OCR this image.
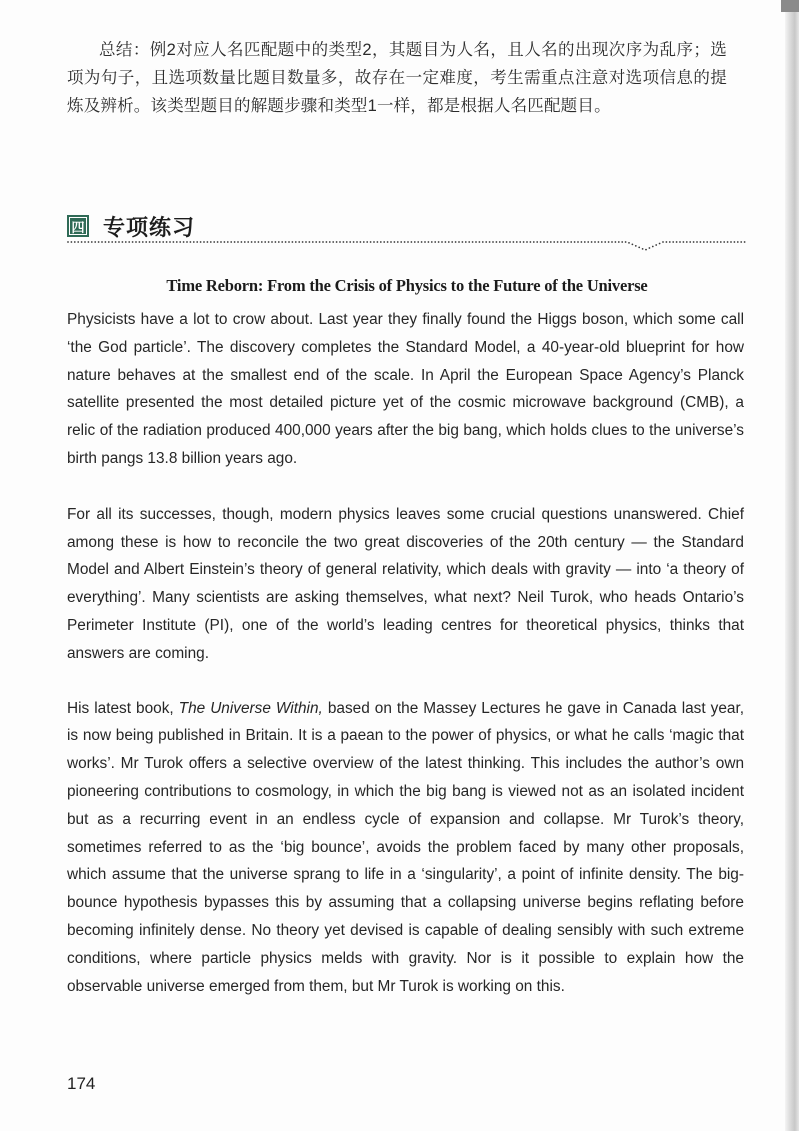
总结：例2对应人名匹配题中的类型2，其题目为人名，且人名的出现次序为乱序；选项为句子，且选项数量比题目数量多，故存在一定难度，考生需重点注意对选项信息的提炼及辨析。该类型题目的解题步骤和类型1一样，都是根据人名匹配题目。

四 专项练习
Time Reborn: From the Crisis of Physics to the Future of the Universe

Physicists have a lot to crow about. Last year they finally found the Higgs boson, which some call ‘the God particle’. The discovery completes the Standard Model, a 40-year-old blueprint for how nature behaves at the smallest end of the scale. In April the European Space Agency’s Planck satellite presented the most detailed picture yet of the cosmic microwave background (CMB), a relic of the radiation produced 400,000 years after the big bang, which holds clues to the universe’s birth pangs 13.8 billion years ago.

For all its successes, though, modern physics leaves some crucial questions unanswered. Chief among these is how to reconcile the two great discoveries of the 20th century — the Standard Model and Albert Einstein’s theory of general relativity, which deals with gravity — into ‘a theory of everything’. Many scientists are asking themselves, what next? Neil Turok, who heads Ontario’s Perimeter Institute (PI), one of the world’s leading centres for theoretical physics, thinks that answers are coming.

His latest book, The Universe Within, based on the Massey Lectures he gave in Canada last year, is now being published in Britain. It is a paean to the power of physics, or what he calls ‘magic that works’. Mr Turok offers a selective overview of the latest thinking. This includes the author’s own pioneering contributions to cosmology, in which the big bang is viewed not as an isolated incident but as a recurring event in an endless cycle of expansion and collapse. Mr Turok’s theory, sometimes referred to as the ‘big bounce’, avoids the problem faced by many other proposals, which assume that the universe sprang to life in a ‘singularity’, a point of infinite density. The big-bounce hypothesis bypasses this by assuming that a collapsing universe begins reflating before becoming infinitely dense. No theory yet devised is capable of dealing sensibly with such extreme conditions, where particle physics melds with gravity. Nor is it possible to explain how the observable universe emerged from them, but Mr Turok is working on this.

174
